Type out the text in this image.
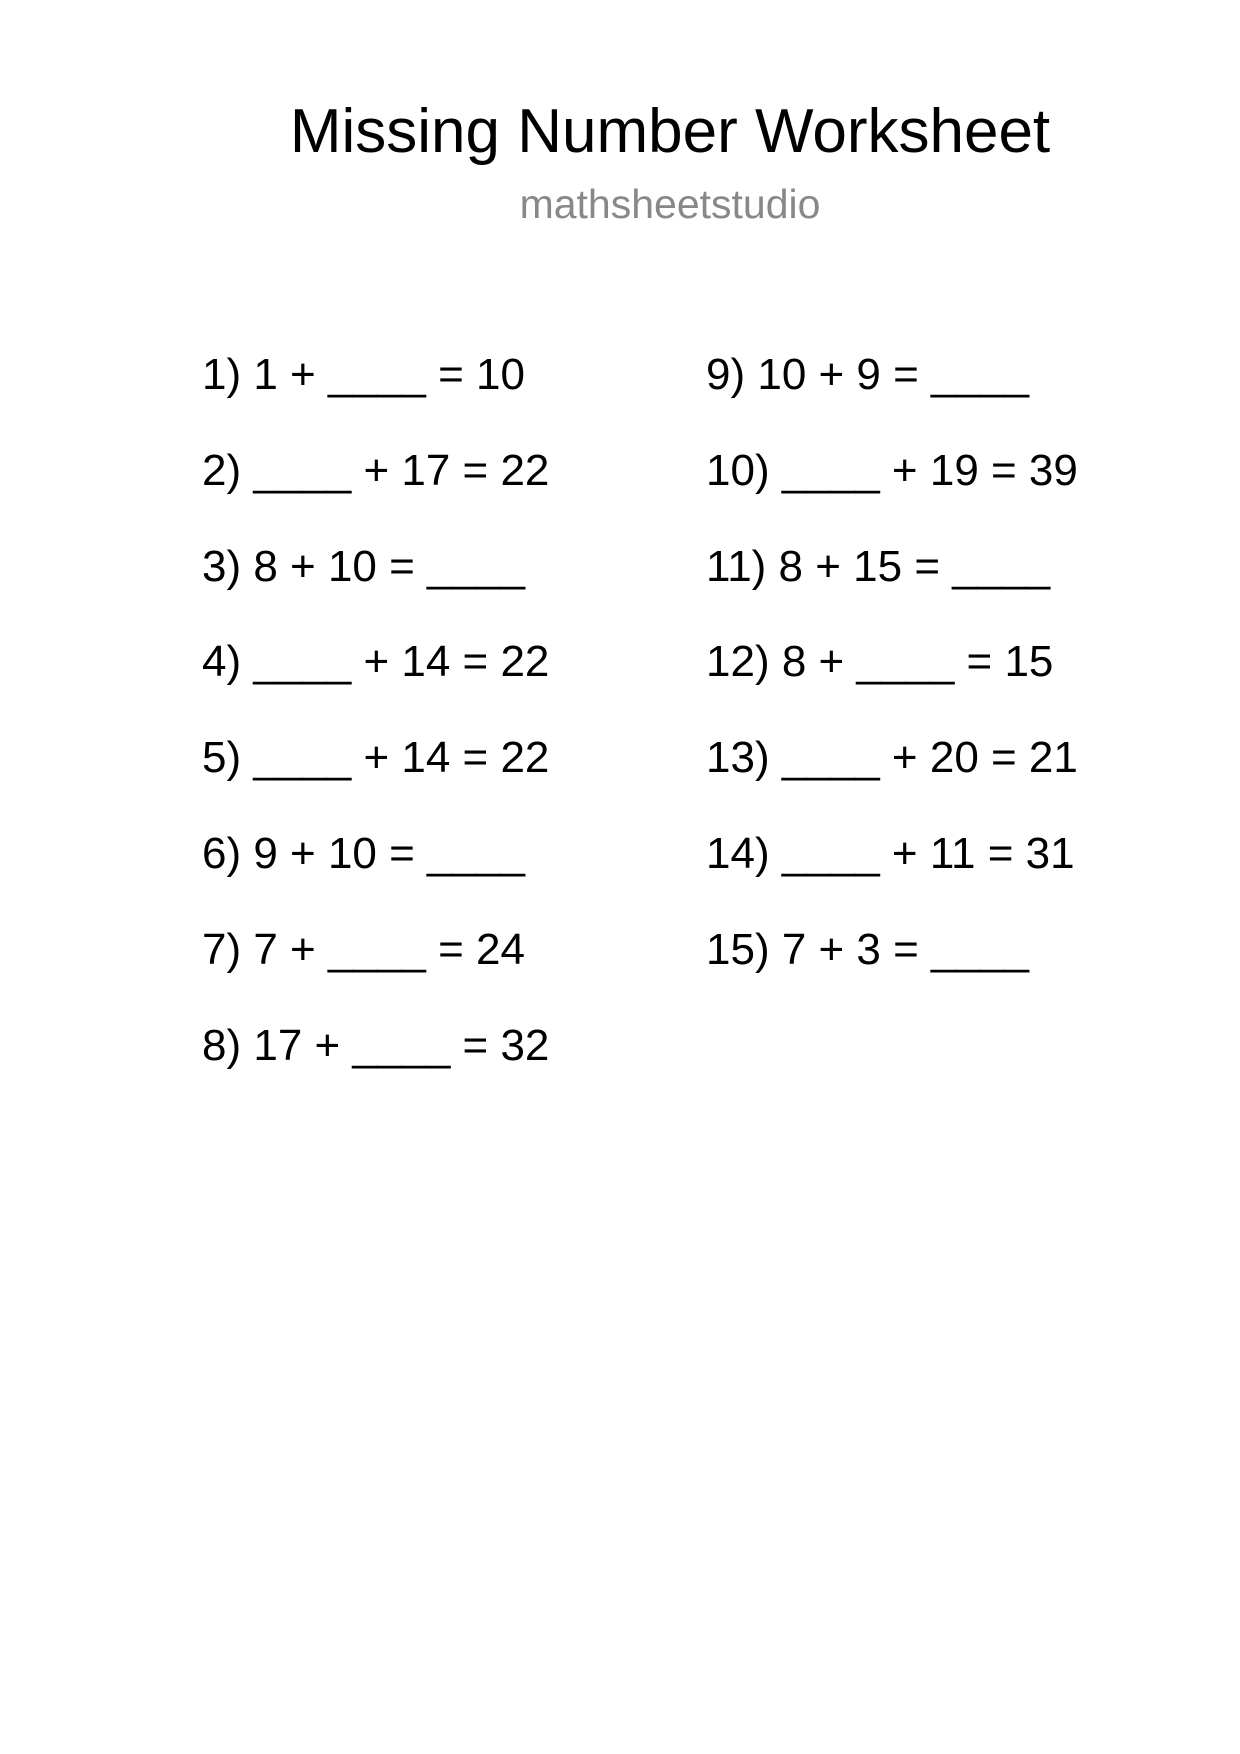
Missing Number Worksheet
mathsheetstudio
1) 1 + ____ = 10
2) ____ + 17 = 22
3) 8 + 10 = ____
4) ____ + 14 = 22
5) ____ + 14 = 22
6) 9 + 10 = ____
7) 7 + ____ = 24
8) 17 + ____ = 32
9) 10 + 9 = ____
10) ____ + 19 = 39
11) 8 + 15 = ____
12) 8 + ____ = 15
13) ____ + 20 = 21
14) ____ + 11 = 31
15) 7 + 3 = ____
